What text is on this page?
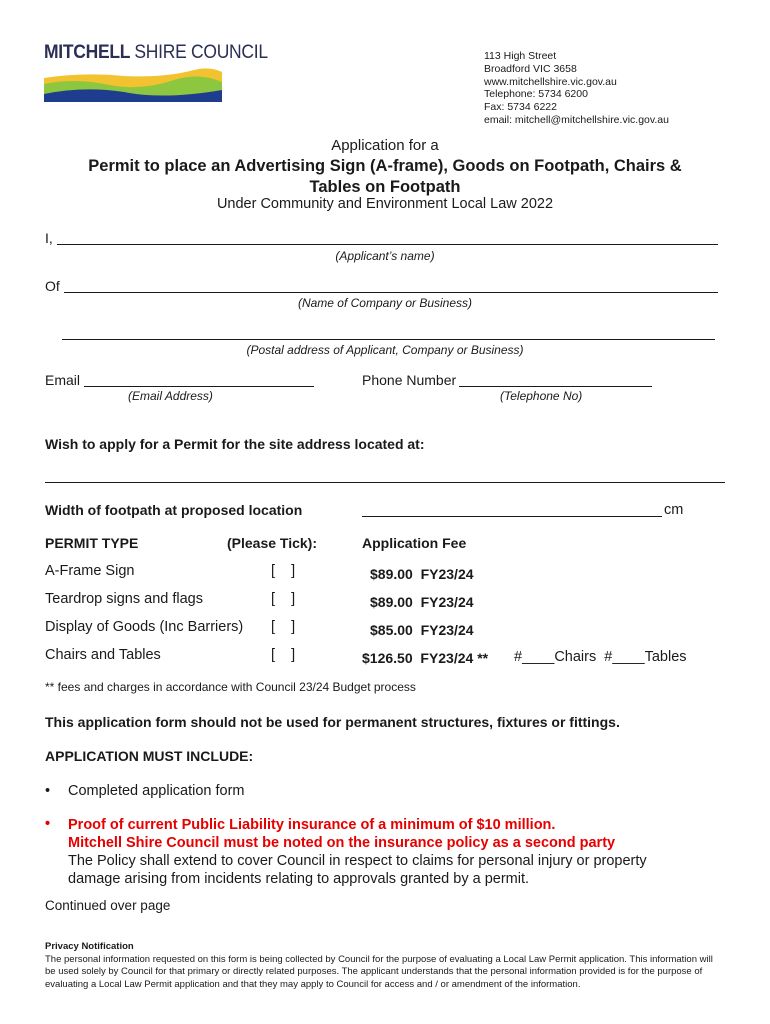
MITCHELL SHIRE COUNCIL	113 High Street
Broadford VIC 3658
www.mitchellshire.vic.gov.au
Telephone: 5734 6200
Fax: 5734 6222
email: mitchell@mitchellshire.vic.gov.au
Application for a
Permit to place an Advertising Sign (A-frame), Goods on Footpath, Chairs &
Tables on Footpath
Under Community and Environment Local Law 2022
I,
(Applicant’s name)
Of
(Name of Company or Business)
(Postal address of Applicant, Company or Business)
Email
(Email Address)
Phone Number
(Telephone No)
Wish to apply for a Permit for the site address located at:
Width of footpath at proposed location	cm
PERMIT TYPE	(Please Tick):	Application Fee
A-Frame Sign	[    ]	$89.00  FY23/24
Teardrop signs and flags	[    ]	$89.00  FY23/24
Display of Goods (Inc Barriers) [    ]	$85.00  FY23/24
Chairs and Tables	[    ]	$126.50  FY23/24 ** #____Chairs  #____Tables
** fees and charges in accordance with Council 23/24 Budget process
This application form should not be used for permanent structures, fixtures or fittings.
APPLICATION MUST INCLUDE:
• Completed application form
• Proof of current Public Liability insurance of a minimum of $10 million.
Mitchell Shire Council must be noted on the insurance policy as a second party
The Policy shall extend to cover Council in respect to claims for personal injury or property damage arising from incidents relating to approvals granted by a permit.
Continued over page
Privacy Notification
The personal information requested on this form is being collected by Council for the purpose of evaluating a Local Law Permit application. This information will be used solely by Council for that primary or directly related purposes. The applicant understands that the personal information provided is for the purpose of evaluating a Local Law Permit application and that they may apply to Council for access and / or amendment of the information.
